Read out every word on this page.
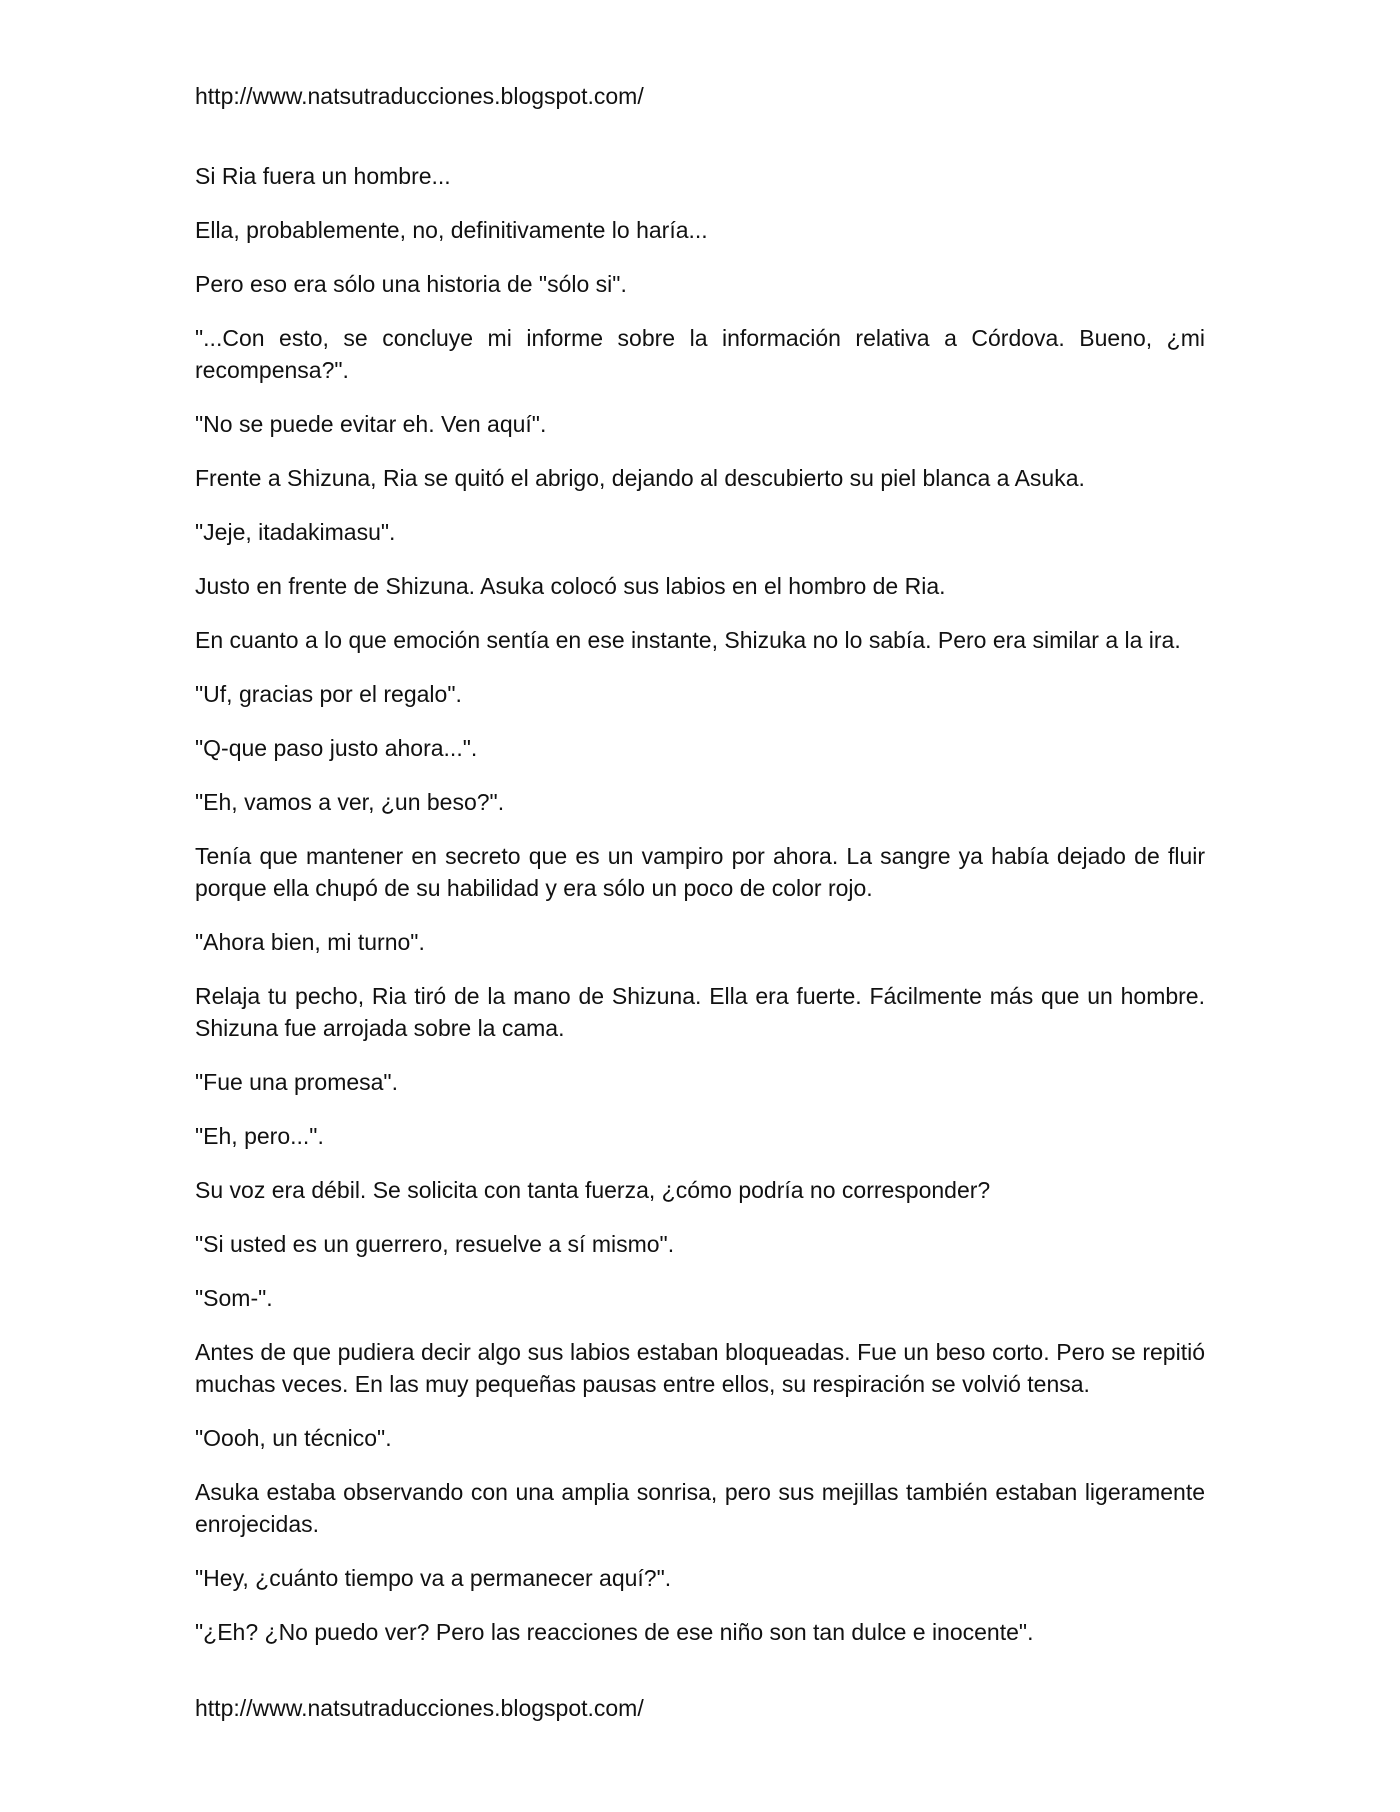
http://www.natsutraducciones.blogspot.com/

Si Ria fuera un hombre...

Ella, probablemente, no, definitivamente lo haría...

Pero eso era sólo una historia de "sólo si".

"...Con esto, se concluye mi informe sobre la información relativa a Córdova. Bueno, ¿mi recompensa?".

"No se puede evitar eh. Ven aquí".

Frente a Shizuna, Ria se quitó el abrigo, dejando al descubierto su piel blanca a Asuka.

"Jeje, itadakimasu".

Justo en frente de Shizuna. Asuka colocó sus labios en el hombro de Ria.

En cuanto a lo que emoción sentía en ese instante, Shizuka no lo sabía. Pero era similar a la ira.

"Uf, gracias por el regalo".

"Q-que paso justo ahora...".

"Eh, vamos a ver, ¿un beso?".

Tenía que mantener en secreto que es un vampiro por ahora. La sangre ya había dejado de fluir porque ella chupó de su habilidad y era sólo un poco de color rojo.

"Ahora bien, mi turno".

Relaja tu pecho, Ria tiró de la mano de Shizuna. Ella era fuerte. Fácilmente más que un hombre. Shizuna fue arrojada sobre la cama.

"Fue una promesa".

"Eh, pero...".

Su voz era débil. Se solicita con tanta fuerza, ¿cómo podría no corresponder?

"Si usted es un guerrero, resuelve a sí mismo".

"Som-".

Antes de que pudiera decir algo sus labios estaban bloqueadas. Fue un beso corto. Pero se repitió muchas veces. En las muy pequeñas pausas entre ellos, su respiración se volvió tensa.

"Oooh, un técnico".

Asuka estaba observando con una amplia sonrisa, pero sus mejillas también estaban ligeramente enrojecidas.

"Hey, ¿cuánto tiempo va a permanecer aquí?".

"¿Eh? ¿No puedo ver? Pero las reacciones de ese niño son tan dulce e inocente".

http://www.natsutraducciones.blogspot.com/
